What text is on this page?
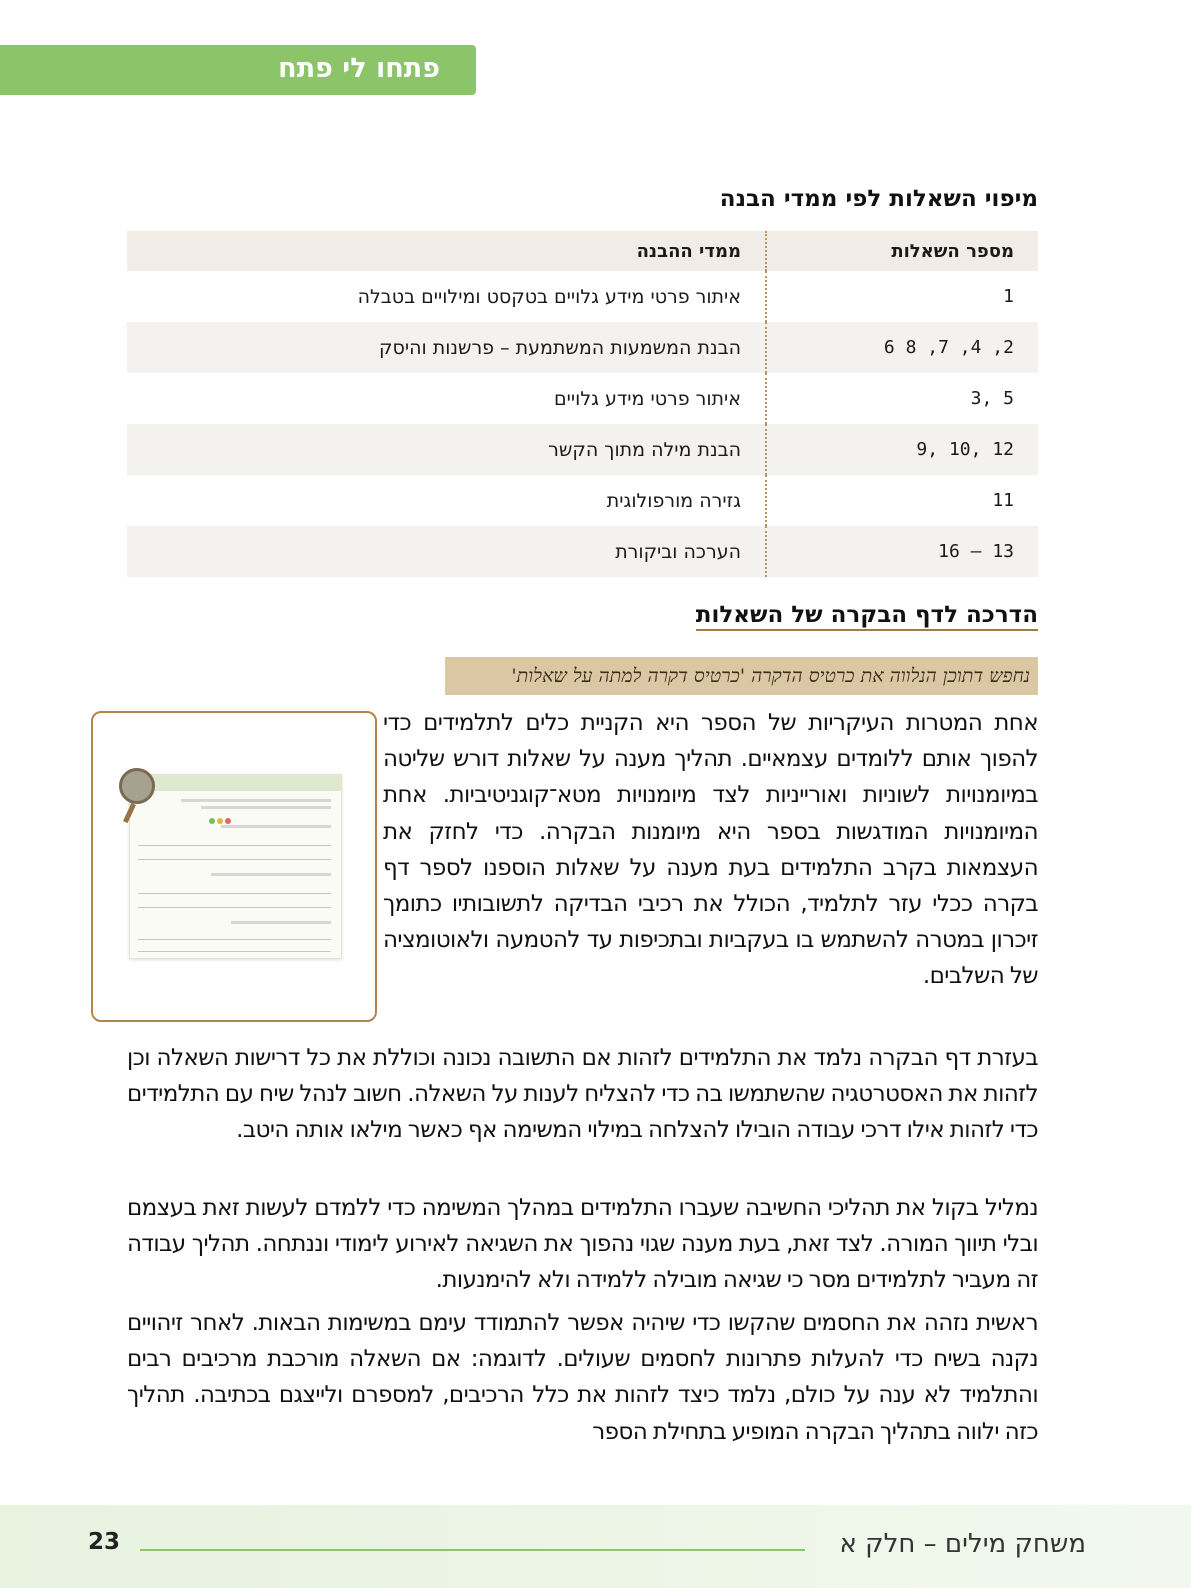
פתחו לי פתח
מיפוי השאלות לפי ממדי הבנה
מספר השאלות	ממדי ההבנה
1	איתור פרטי מידע גלויים בטקסט ומילויים בטבלה
2, 4, 7, 8 6	הבנת המשמעות המשתמעת – פרשנות והיסק
5 ,3	איתור פרטי מידע גלויים
12 ,10 ,9	הבנת מילה מתוך הקשר
11	גזירה מורפולוגית
13 – 16	הערכה וביקורת
הדרכה לדף הבקרה של השאלות
נחפש דתוכן הנלווה את כרטיס הדקרה 'כרטיס דקרה למתה על שאלות'

אחת המטרות העיקריות של הספר היא הקניית כלים לתלמידים כדי להפוך אותם ללומדים עצמאיים. תהליך מענה על שאלות דורש שליטה במיומנויות לשוניות ואורייניות לצד מיומנויות מטא־קוגניטיביות. אחת המיומנויות המודגשות בספר היא מיומנות הבקרה. כדי לחזק את העצמאות בקרב התלמידים בעת מענה על שאלות הוספנו לספר דף בקרה ככלי עזר לתלמיד, הכולל את רכיבי הבדיקה לתשובותיו כתומך זיכרון במטרה להשתמש בו בעקביות ובתכיפות עד להטמעה ולאוטומציה של השלבים.

בעזרת דף הבקרה נלמד את התלמידים לזהות אם התשובה נכונה וכוללת את כל דרישות השאלה וכן לזהות את האסטרטגיה שהשתמשו בה כדי להצליח לענות על השאלה. חשוב לנהל שיח עם התלמידים כדי לזהות אילו דרכי עבודה הובילו להצלחה במילוי המשימה אף כאשר מילאו אותה היטב.

נמליל בקול את תהליכי החשיבה שעברו התלמידים במהלך המשימה כדי ללמדם לעשות זאת בעצמם ובלי תיווך המורה. לצד זאת, בעת מענה שגוי נהפוך את השגיאה לאירוע לימודי וננתחה. תהליך עבודה זה מעביר לתלמידים מסר כי שגיאה מובילה ללמידה ולא להימנעות.

ראשית נזהה את החסמים שהקשו כדי שיהיה אפשר להתמודד עימם במשימות הבאות. לאחר זיהויים נקנה בשיח כדי להעלות פתרונות לחסמים שעולים. לדוגמה: אם השאלה מורכבת מרכיבים רבים והתלמיד לא ענה על כולם, נלמד כיצד לזהות את כלל הרכיבים, למספרם ולייצגם בכתיבה. תהליך כזה ילווה בתהליך הבקרה המופיע בתחילת הספר

משחק מילים – חלק א
23
